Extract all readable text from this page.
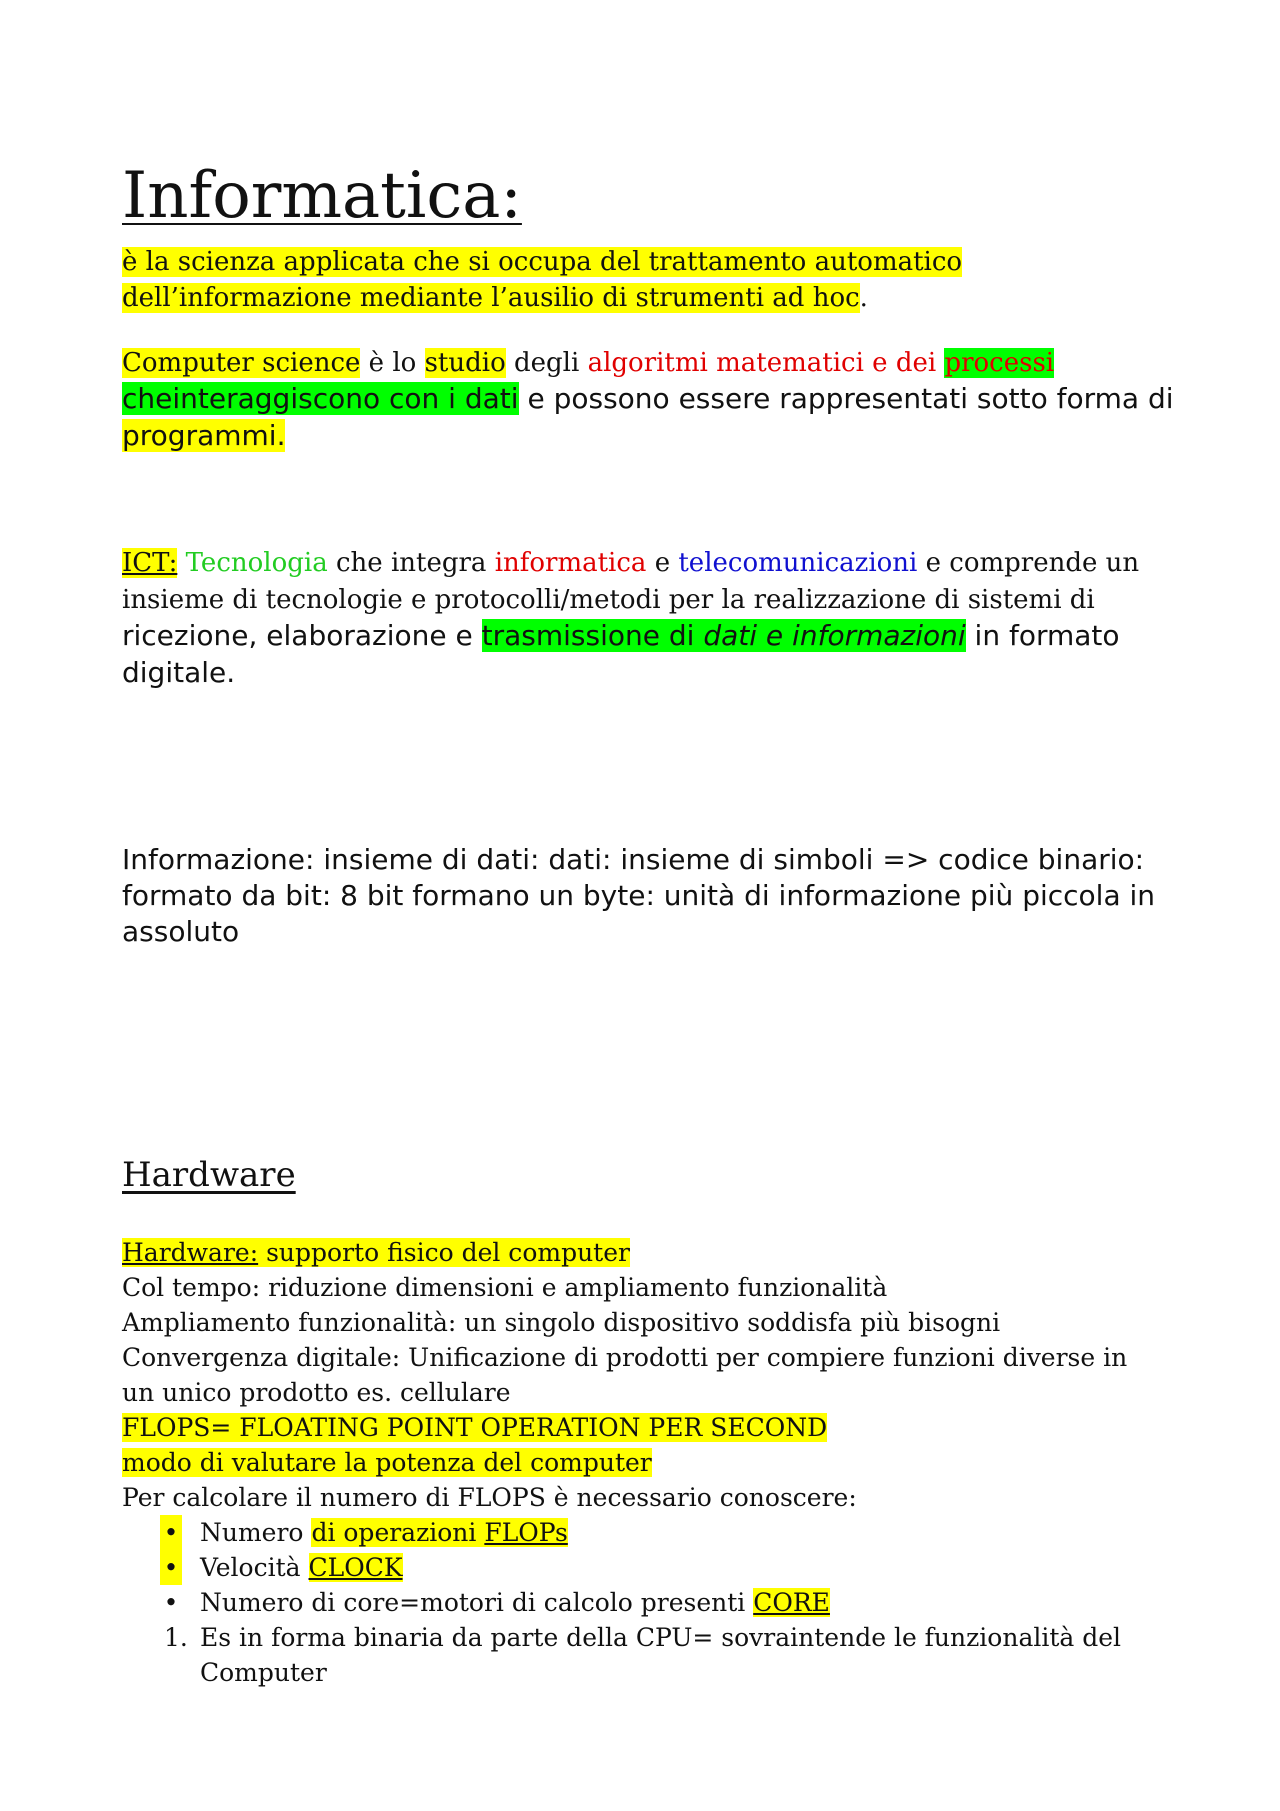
Informatica:
è la scienza applicata che si occupa del trattamento automatico
dell’informazione mediante l’ausilio di strumenti ad hoc.
Computer science è lo studio degli algoritmi matematici e dei processi cheinteraggiscono con i dati e possono essere rappresentati sotto forma di programmi.
ICT: Tecnologia che integra informatica e telecomunicazioni e comprende un insieme di tecnologie e protocolli/metodi per la realizzazione di sistemi di ricezione, elaborazione e trasmissione di dati e informazioni in formato digitale.
Informazione: insieme di dati: dati: insieme di simboli => codice binario: formato da bit: 8 bit formano un byte: unità di informazione più piccola in assoluto
Hardware
Hardware: supporto fisico del computer
Col tempo: riduzione dimensioni e ampliamento funzionalità
Ampliamento funzionalità: un singolo dispositivo soddisfa più bisogni
Convergenza digitale: Unificazione di prodotti per compiere funzioni diverse in
un unico prodotto es. cellulare
FLOPS= FLOATING POINT OPERATION PER SECOND
modo di valutare la potenza del computer
Per calcolare il numero di FLOPS è necessario conoscere:
• Numero di operazioni FLOPs
• Velocità CLOCK
• Numero di core=motori di calcolo presenti CORE
1. Es in forma binaria da parte della CPU= sovraintende le funzionalità del Computer
